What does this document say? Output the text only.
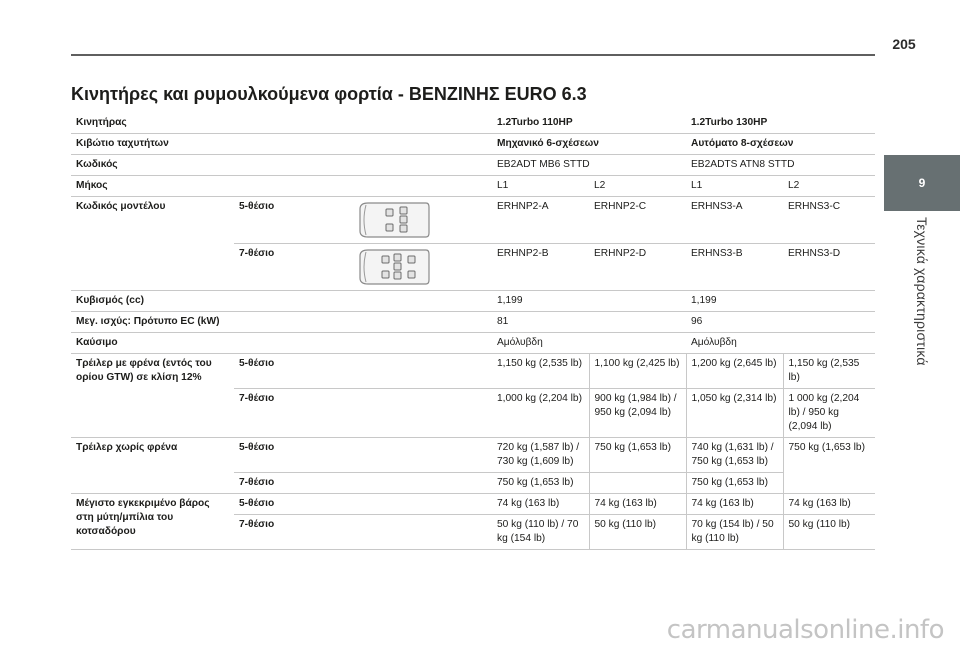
205
9
Τεχνικά χαρακτηριστικά
Κινητήρες και ρυμουλκούμενα φορτία - ΒΕΝΖΙΝΗΣ EURO 6.3
Κινητήρας			1.2Turbo 110HP		1.2Turbo 130HP	
Κιβώτιο ταχυτήτων			Μηχανικό 6-σχέσεων		Αυτόματο 8-σχέσεων	
Κωδικός			EB2ADT MB6 STTD		EB2ADTS ATN8 STTD	
Μήκος			L1	L2	L1	L2
Κωδικός μοντέλου	5-θέσιο		ERHNP2-A	ERHNP2-C	ERHNS3-A	ERHNS3-C
	7-θέσιο		ERHNP2-B	ERHNP2-D	ERHNS3-B	ERHNS3-D
Κυβισμός (cc)			1,199		1,199	
Μεγ. ισχύς: Πρότυπο EC (kW)			81		96	
Καύσιμο			Αμόλυβδη		Αμόλυβδη	
Τρέιλερ με φρένα (εντός του ορίου GTW) σε κλίση 12%	5-θέσιο		1,150 kg (2,535 lb)	1,100 kg (2,425 lb)	1,200 kg (2,645 lb)	1,150 kg (2,535 lb)
	7-θέσιο		1,000 kg (2,204 lb)	900 kg (1,984 lb) / 950 kg (2,094 lb)	1,050 kg (2,314 lb)	1 000 kg (2,204 lb) / 950 kg (2,094 lb)
Τρέιλερ χωρίς φρένα	5-θέσιο		720 kg (1,587 lb) / 730 kg (1,609 lb)	750 kg (1,653 lb)	740 kg (1,631 lb) / 750 kg (1,653 lb)	750 kg (1,653 lb)
	7-θέσιο		750 kg (1,653 lb)		750 kg (1,653 lb)	
Μέγιστο εγκεκριμένο βάρος στη μύτη/μπίλια του κοτσαδόρου	5-θέσιο		74 kg (163 lb)	74 kg (163 lb)	74 kg (163 lb)	74 kg (163 lb)
	7-θέσιο		50 kg (110 lb) / 70 kg (154 lb)	50 kg (110 lb)	70 kg (154 lb) / 50 kg (110 lb)	50 kg (110 lb)
carmanualsonline.info
